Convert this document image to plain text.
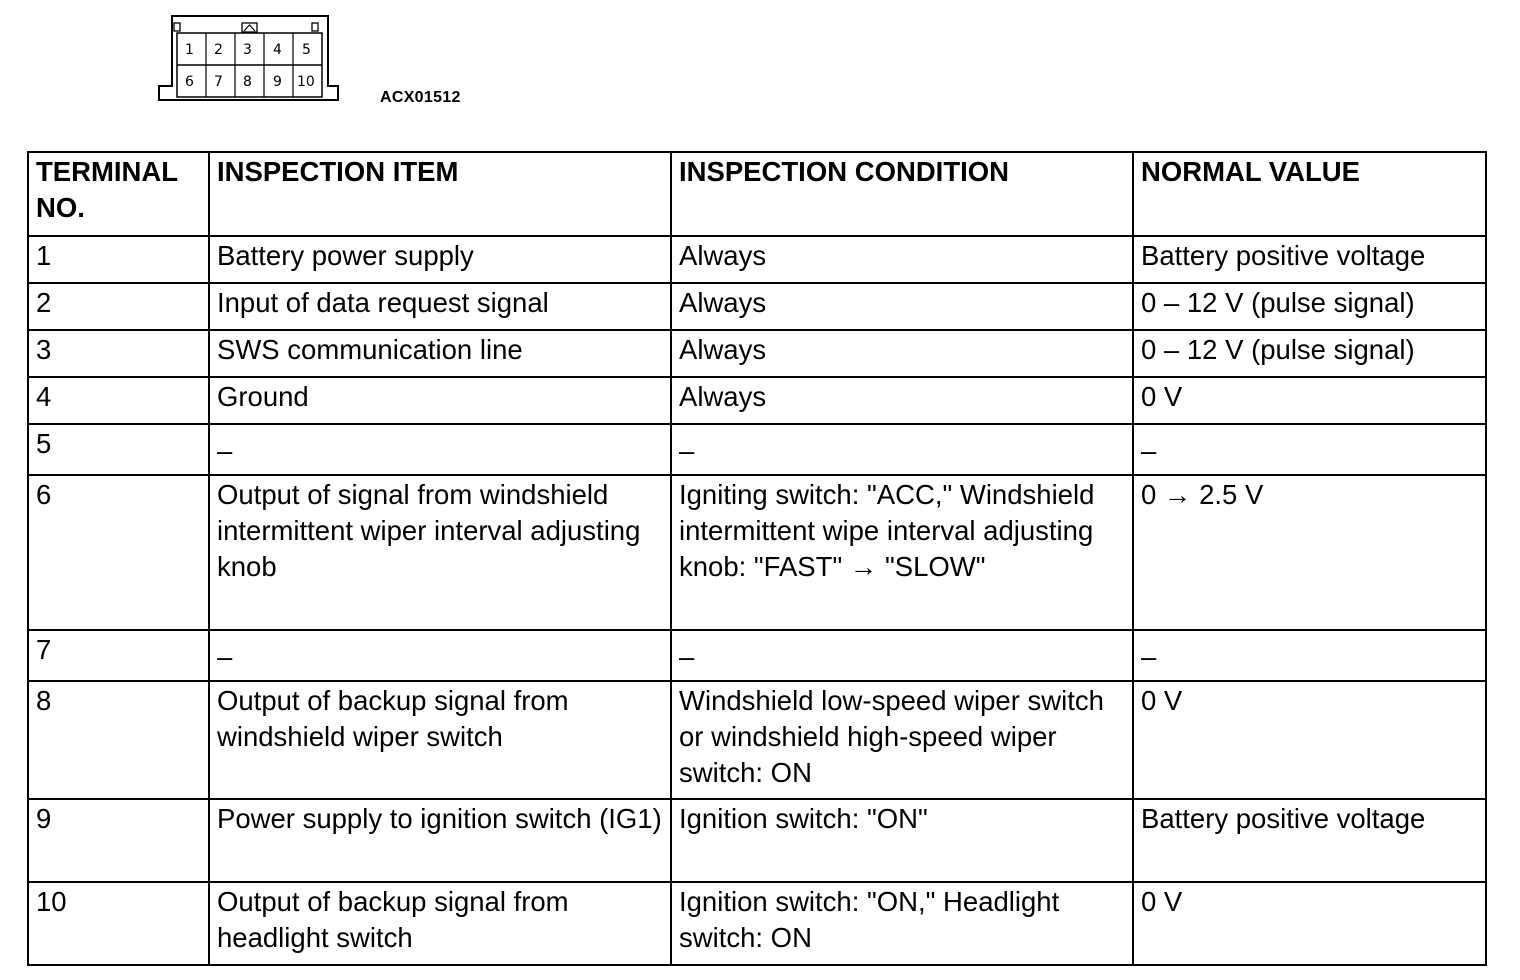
1 2 3 4 5
6 7 8 9 10
ACX01512
TERMINAL
NO.	INSPECTION ITEM	INSPECTION CONDITION	NORMAL VALUE
1	Battery power supply	Always	Battery positive voltage
2	Input of data request signal	Always	0 – 12 V (pulse signal)
3	SWS communication line	Always	0 – 12 V (pulse signal)
4	Ground	Always	0 V
5	–	–	–
6	Output of signal from windshield intermittent wiper interval adjusting knob	Igniting switch: "ACC," Windshield intermittent wipe interval adjusting knob: "FAST" → "SLOW"	0 → 2.5 V
7	–	–	–
8	Output of backup signal from windshield wiper switch	Windshield low-speed wiper switch or windshield high-speed wiper switch: ON	0 V
9	Power supply to ignition switch (IG1)	Ignition switch: "ON"	Battery positive voltage
10	Output of backup signal from headlight switch	Ignition switch: "ON," Headlight switch: ON	0 V
